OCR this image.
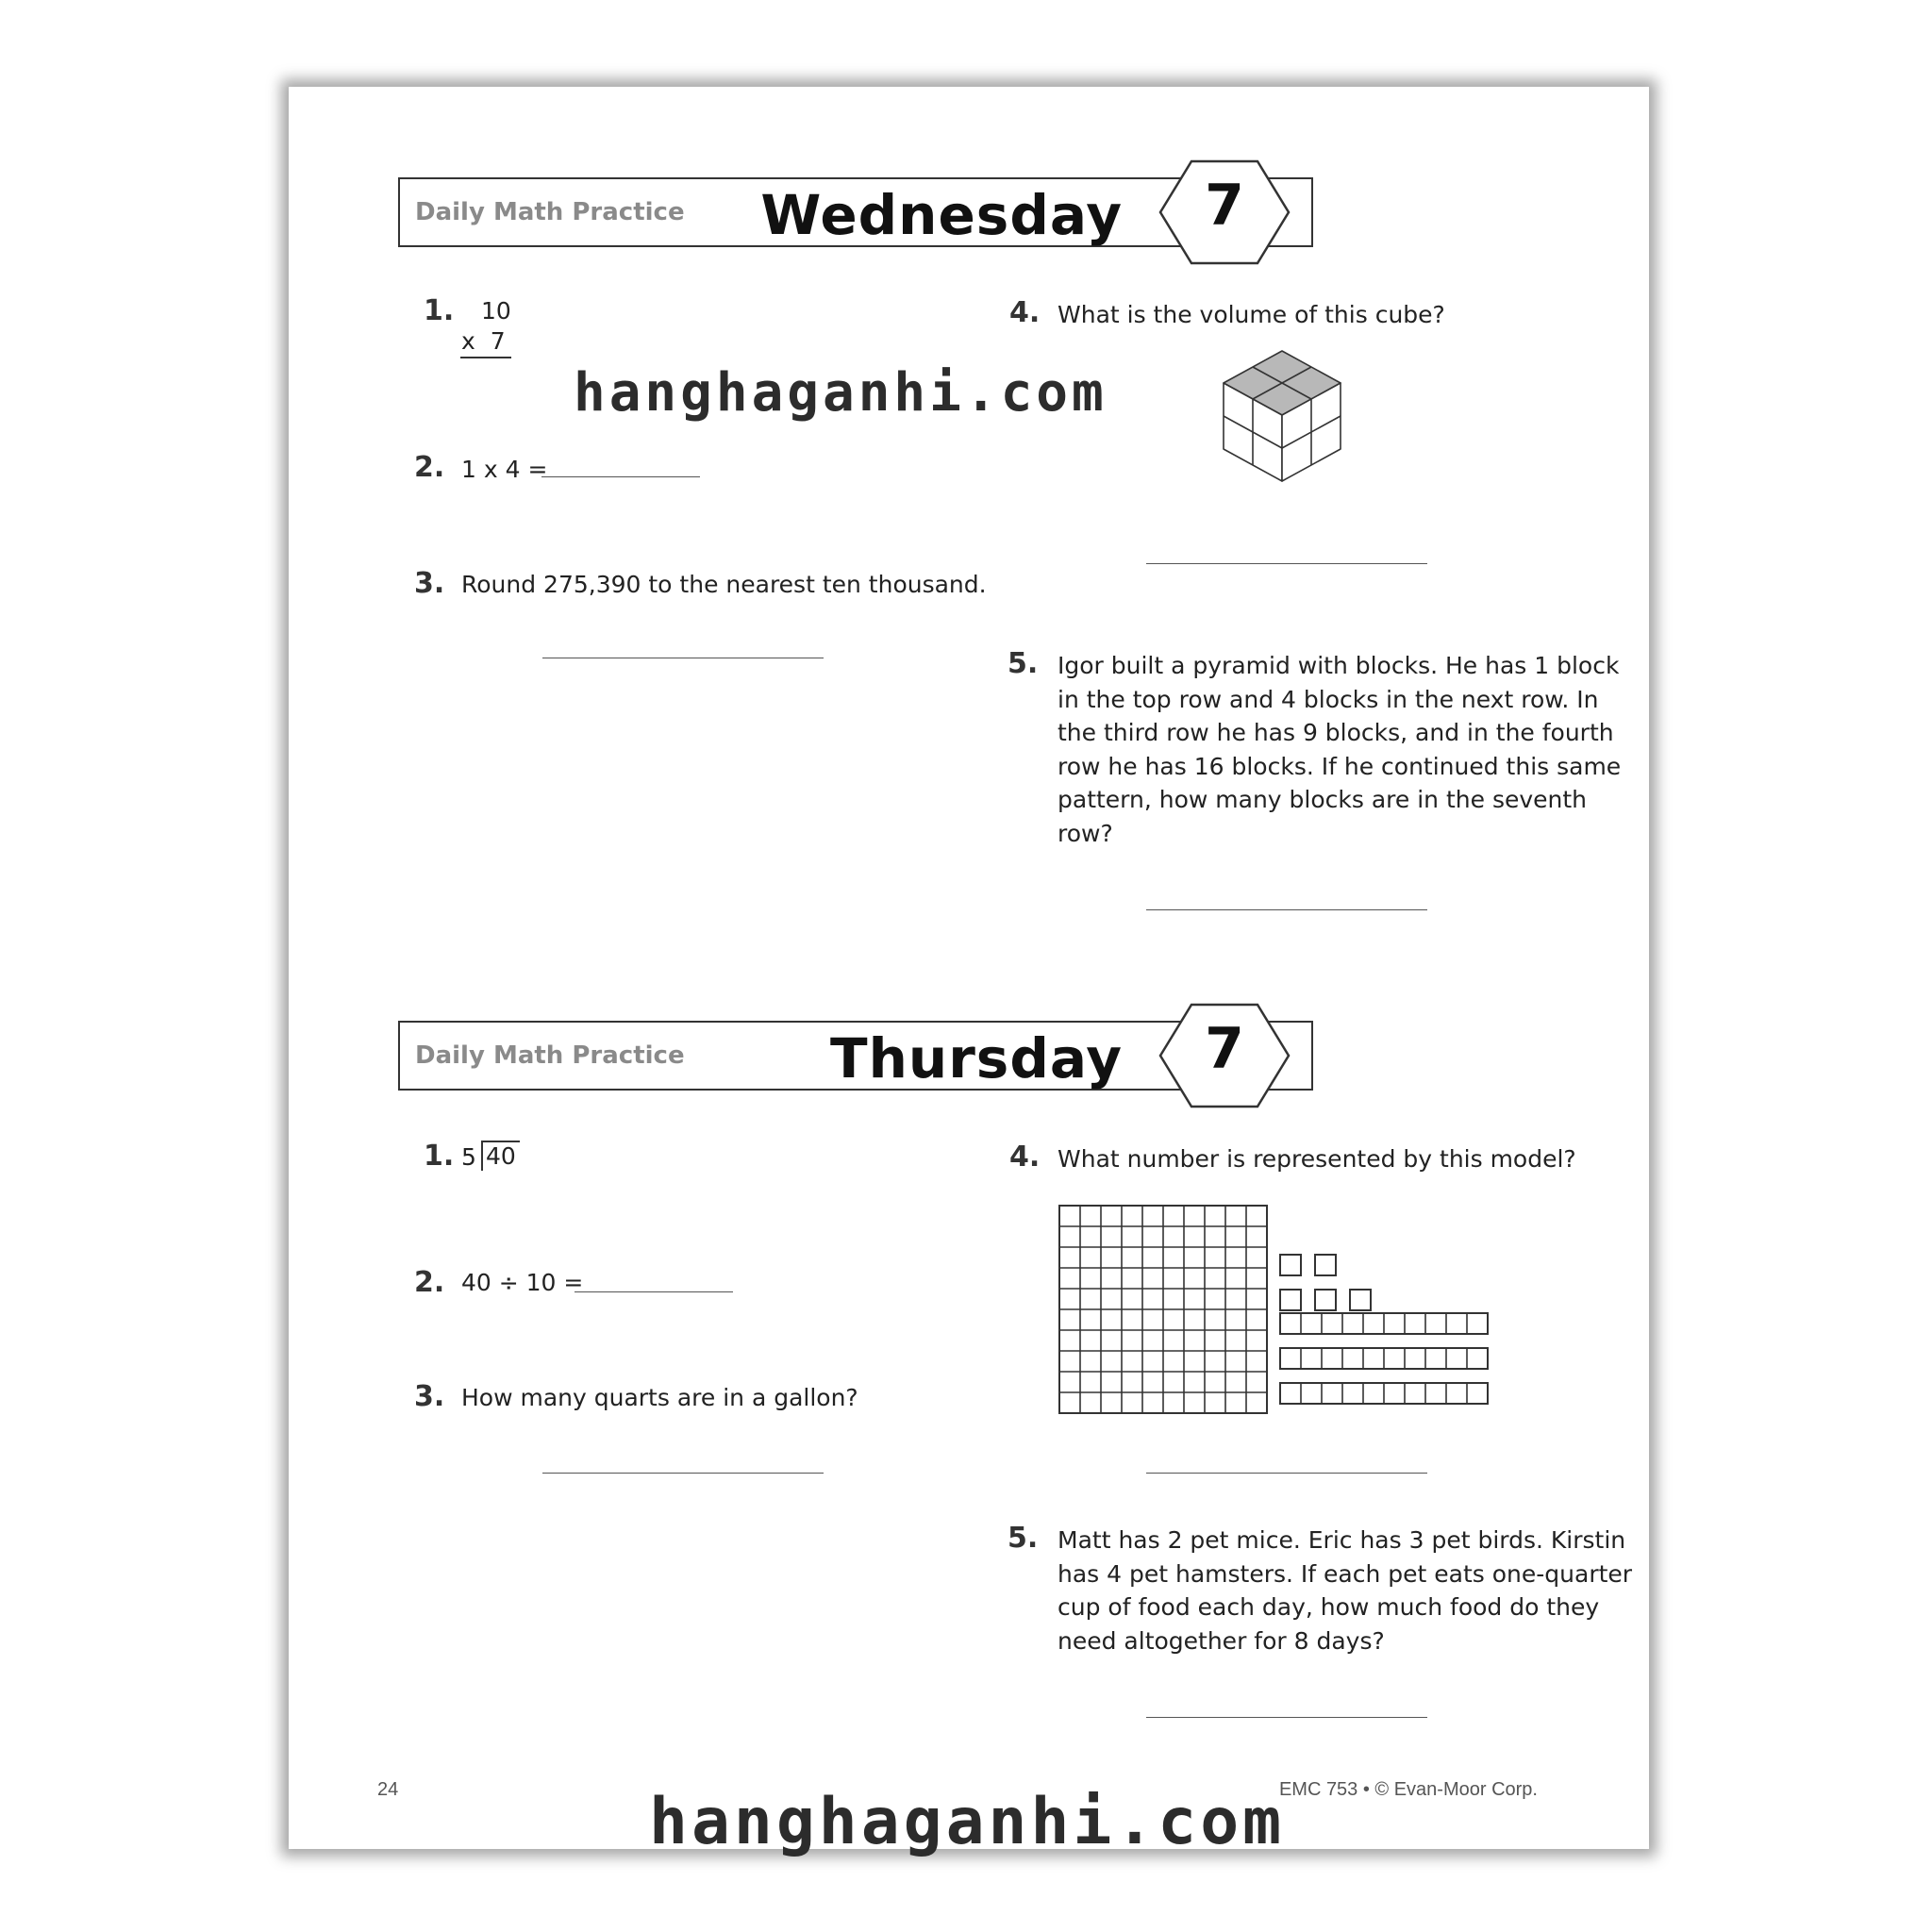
Daily Math Practice Wednesday	7
1. 10
x  7
2. 1 x 4 =
3. Round 275,390 to the nearest ten thousand.
4. What is the volume of this cube?
5. Igor built a pyramid with blocks. He has 1 block
in the top row and 4 blocks in the next row. In
the third row he has 9 blocks, and in the fourth
row he has 16 blocks. If he continued this same
pattern, how many blocks are in the seventh
row?
Daily Math Practice	Thursday	7
1. 5 40
2. 40 ÷ 10 =
3. How many quarts are in a gallon?
4. What number is represented by this model?
5. Matt has 2 pet mice. Eric has 3 pet birds. Kirstin
has 4 pet hamsters. If each pet eats one-quarter
cup of food each day, how much food do they
need altogether for 8 days?
24	EMC 753 • © Evan-Moor Corp.
hanghaganhi.com
hanghaganhi.com
